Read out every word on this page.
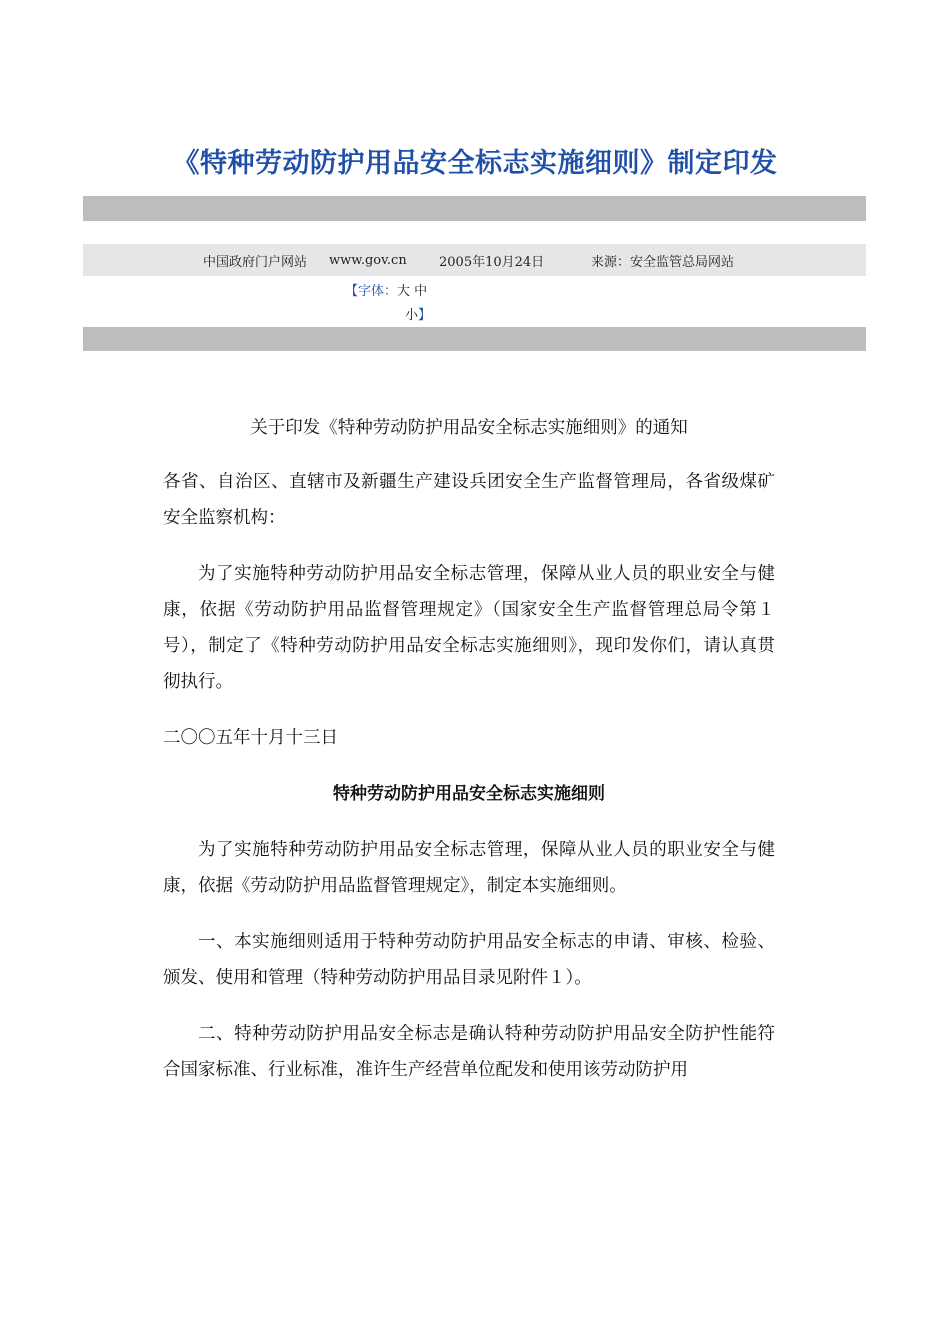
《特种劳动防护用品安全标志实施细则》制定印发
中国政府门户网站 www.gov.cn 2005年10月24日	来源：安全监管总局网站
【字体：大 中
小】

关于印发《特种劳动防护用品安全标志实施细则》的通知

各省、自治区、直辖市及新疆生产建设兵团安全生产监督管理局，各省级煤矿安全监察机构：

为了实施特种劳动防护用品安全标志管理，保障从业人员的职业安全与健康，依据《劳动防护用品监督管理规定》（国家安全生产监督管理总局令第１号），制定了《特种劳动防护用品安全标志实施细则》，现印发你们，请认真贯彻执行。

二〇〇五年十月十三日

特种劳动防护用品安全标志实施细则

为了实施特种劳动防护用品安全标志管理，保障从业人员的职业安全与健康，依据《劳动防护用品监督管理规定》，制定本实施细则。

一、本实施细则适用于特种劳动防护用品安全标志的申请、审核、检验、颁发、使用和管理（特种劳动防护用品目录见附件１）。

二、特种劳动防护用品安全标志是确认特种劳动防护用品安全防护性能符合国家标准、行业标准，准许生产经营单位配发和使用该劳动防护用
